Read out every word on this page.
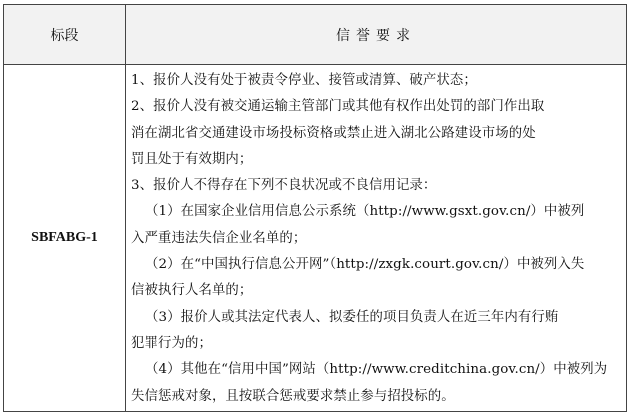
标段	信誉要求
SBFABG-1
1、报价人没有处于被责令停业、接管或清算、破产状态；
2、报价人没有被交通运输主管部门或其他有权作出处罚的部门作出取
消在湖北省交通建设市场投标资格或禁止进入湖北公路建设市场的处
罚且处于有效期内；
3、报价人不得存在下列不良状况或不良信用记录：
（1）在国家企业信用信息公示系统（http://www.gsxt.gov.cn/）中被列
入严重违法失信企业名单的；
（2）在“中国执行信息公开网”（http://zxgk.court.gov.cn/）中被列入失
信被执行人名单的；
（3）报价人或其法定代表人、拟委任的项目负责人在近三年内有行贿
犯罪行为的；
（4）其他在“信用中国”网站（http://www.creditchina.gov.cn/）中被列为
失信惩戒对象，且按联合惩戒要求禁止参与招投标的。
